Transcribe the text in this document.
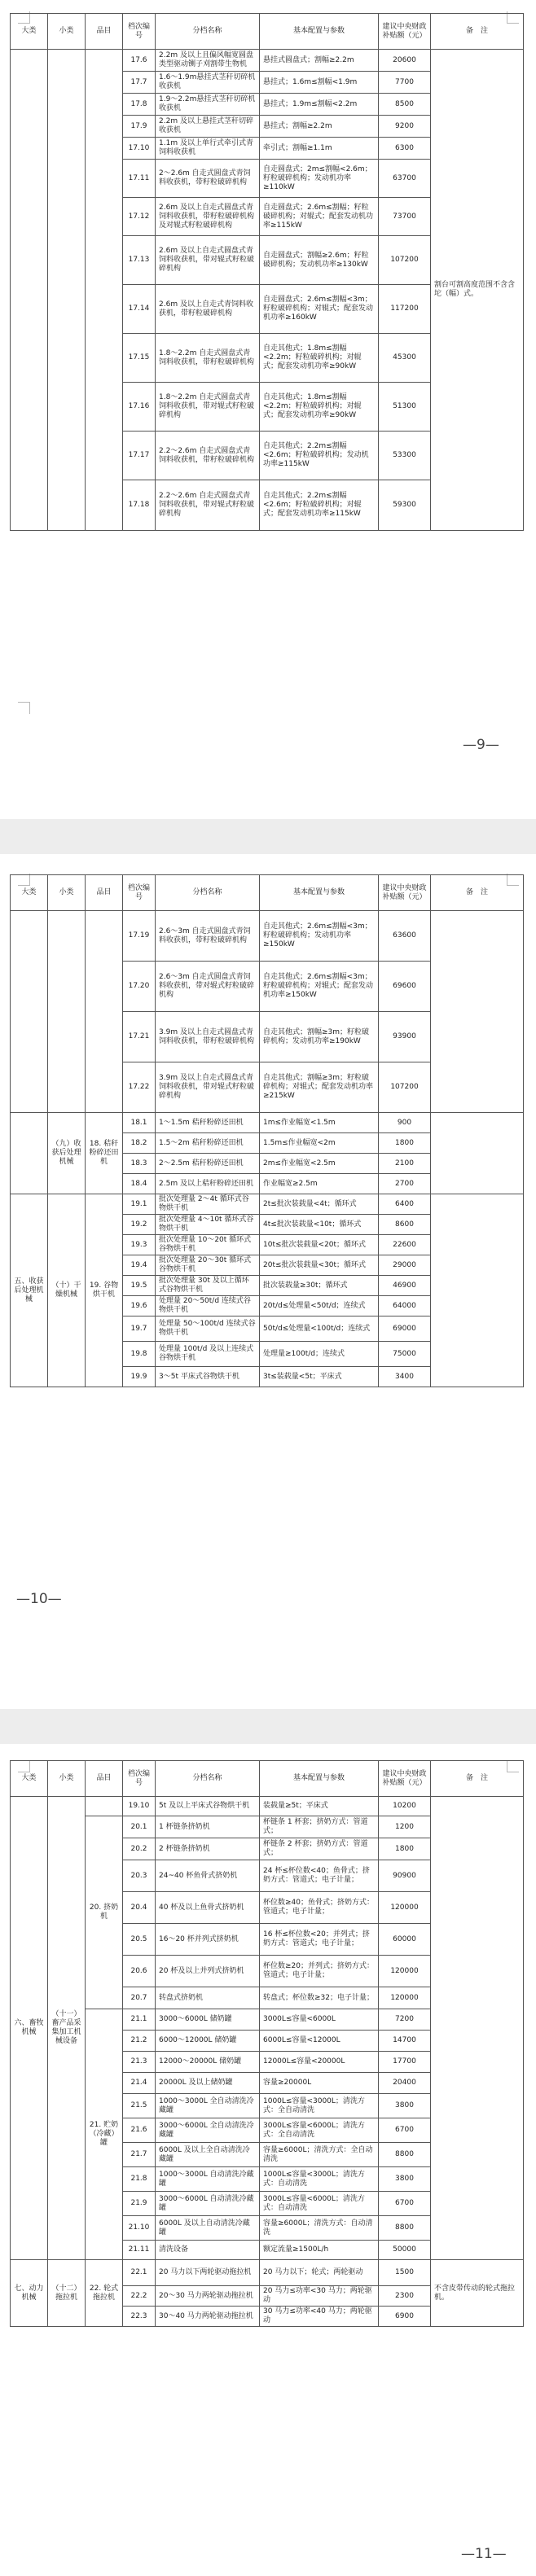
大类	小类	品目	档次编号	分档名称	基本配置与参数	建议中央财政补贴额（元）	备　注
			17.6	2.2m 及以上且偏风幅宽圆盘类型驱动铡子刈割带生物机	悬挂式圆盘式；割幅≥2.2m	20600	割台可割高度范围不含含坨（幅）式。
			17.7	1.6～1.9m悬挂式茎秆切碎机收获机	悬挂式；1.6m≤割幅<1.9m	7700	
			17.8	1.9～2.2m悬挂式茎秆切碎机收获机	悬挂式；1.9m≤割幅<2.2m	8500	
			17.9	2.2m 及以上悬挂式茎秆切碎收获机	悬挂式；割幅≥2.2m	9200	
			17.10	1.1m 及以上单行式牵引式青饲料收获机	牵引式；割幅≥1.1m	6300	
			17.11	2～2.6m 自走式圆盘式青饲料收获机，带籽粒破碎机构	自走圆盘式；2m≤割幅<2.6m；籽粒破碎机构；发动机功率≥110kW	63700	
			17.12	2.6m 及以上自走式圆盘式青饲料收获机，带籽粒破碎机构及对辊式籽粒破碎机构	自走圆盘式；2.6m≤割幅；籽粒破碎机构；对辊式；配套发动机功率≥115kW	73700	
			17.13	2.6m 及以上自走式圆盘式青饲料收获机，带对辊式籽粒破碎机构	自走圆盘式；割幅≥2.6m；籽粒破碎机构；发动机功率≥130kW	107200	
			17.14	2.6m 及以上自走式青饲料收获机，带籽粒破碎机构	自走圆盘式；2.6m≤割幅<3m；籽粒破碎机构；对辊式；配套发动机功率≥160kW	117200	
			17.15	1.8～2.2m 自走式圆盘式青饲料收获机，带籽粒破碎机构	自走其他式；1.8m≤割幅<2.2m；籽粒破碎机构；对辊式；配套发动机功率≥90kW	45300	
			17.16	1.8～2.2m 自走式圆盘式青饲料收获机，带对辊式籽粒破碎机构	自走其他式；1.8m≤割幅<2.2m；籽粒破碎机构；对辊式；配套发动机功率≥90kW	51300	
			17.17	2.2～2.6m 自走式圆盘式青饲料收获机，带籽粒破碎机构	自走其他式；2.2m≤割幅<2.6m；籽粒破碎机构；发动机功率≥115kW	53300	
			17.18	2.2～2.6m 自走式圆盘式青饲料收获机，带对辊式籽粒破碎机构	自走其他式；2.2m≤割幅<2.6m；籽粒破碎机构；对辊式；配套发动机功率≥115kW	59300	
—9—
大类	小类	品目	档次编号	分档名称	基本配置与参数	建议中央财政补贴额（元）	备　注
			17.19	2.6～3m 自走式圆盘式青饲料收获机，带籽粒破碎机构	自走其他式；2.6m≤割幅<3m；籽粒破碎机构；发动机功率≥150kW	63600	
			17.20	2.6～3m 自走式圆盘式青饲料收获机，带对辊式籽粒破碎机构	自走其他式；2.6m≤割幅<3m；籽粒破碎机构；对辊式；配套发动机功率≥150kW	69600	
			17.21	3.9m 及以上自走式圆盘式青饲料收获机，带籽粒破碎机构	自走其他式；割幅≥3m；籽粒破碎机构；发动机功率≥190kW	93900	
			17.22	3.9m 及以上自走式圆盘式青饲料收获机，带对辊式籽粒破碎机构	自走其他式；割幅≥3m；籽粒破碎机构；对辊式；配套发动机功率≥215kW	107200	
	（九）收获后处理机械	18. 秸秆粉碎还田机	18.1	1～1.5m 秸秆粉碎还田机	1m≤作业幅宽<1.5m	900	
			18.2	1.5～2m 秸秆粉碎还田机	1.5m≤作业幅宽<2m	1800	
			18.3	2～2.5m 秸秆粉碎还田机	2m≤作业幅宽<2.5m	2100	
			18.4	2.5m 及以上秸秆粉碎还田机	作业幅宽≥2.5m	2700	
五、收获后处理机械	（十）干燥机械	19. 谷物烘干机	19.1	批次处理量 2～4t 循环式谷物烘干机	2t≤批次装载量<4t；循环式	6400	
			19.2	批次处理量 4～10t 循环式谷物烘干机	4t≤批次装载量<10t；循环式	8600	
			19.3	批次处理量 10～20t 循环式谷物烘干机	10t≤批次装载量<20t；循环式	22600	
			19.4	批次处理量 20～30t 循环式谷物烘干机	20t≤批次装载量<30t；循环式	29000	
			19.5	批次处理量 30t 及以上循环式谷物烘干机	批次装载量≥30t；循环式	46900	
			19.6	处理量 20～50t/d 连续式谷物烘干机	20t/d≤处理量<50t/d；连续式	64000	
			19.7	处理量 50～100t/d 连续式谷物烘干机	50t/d≤处理量<100t/d；连续式	69000	
			19.8	处理量 100t/d 及以上连续式谷物烘干机	处理量≥100t/d；连续式	75000	
			19.9	3～5t 平床式谷物烘干机	3t≤装载量<5t；平床式	3400	
—10—
大类	小类	品目	档次编号	分档名称	基本配置与参数	建议中央财政补贴额（元）	备　注
六、畜牧机械	（十一）畜产品采集加工机械设备		19.10	5t 及以上平床式谷物烘干机	装载量≥5t；平床式	10200	
		20. 挤奶机	20.1	1 杯链条挤奶机	杯链条 1 杯套；挤奶方式：管道式；	1200	
			20.2	2 杯链条挤奶机	杯链条 2 杯套；挤奶方式：管道式；	1800	
			20.3	24~40 杯鱼骨式挤奶机	24 杯≤杯位数<40；鱼骨式；挤奶方式：管道式；电子计量；	90900	
			20.4	40 杯及以上鱼骨式挤奶机	杯位数≥40；鱼骨式；挤奶方式：管道式；电子计量；	120000	
			20.5	16～20 杯并列式挤奶机	16 杯≤杯位数<20；并列式；挤奶方式：管道式；电子计量；	60000	
			20.6	20 杯及以上并列式挤奶机	杯位数≥20；并列式；挤奶方式：管道式；电子计量；	120000	
			20.7	转盘式挤奶机	转盘式；杯位数≥32；电子计量；	120000	
		21. 贮奶（冷藏）罐	21.1	3000～6000L 储奶罐	3000L≤容量<6000L	7200	
			21.2	6000～12000L 储奶罐	6000L≤容量<12000L	14700	
			21.3	12000～20000L 储奶罐	12000L≤容量<20000L	17700	
			21.4	20000L 及以上储奶罐	容量≥20000L	20400	
			21.5	1000～3000L 全自动清洗冷藏罐	1000L≤容量<3000L；清洗方式：全自动清洗	3800	
			21.6	3000～6000L 全自动清洗冷藏罐	3000L≤容量<6000L；清洗方式：全自动清洗	6700	
			21.7	6000L 及以上全自动清洗冷藏罐	容量≥6000L；清洗方式：全自动清洗	8800	
			21.8	1000～3000L 自动清洗冷藏罐	1000L≤容量<3000L；清洗方式：自动清洗	3800	
			21.9	3000～6000L 自动清洗冷藏罐	3000L≤容量<6000L；清洗方式：自动清洗	6700	
			21.10	6000L 及以上自动清洗冷藏罐	容量≥6000L；清洗方式：自动清洗	8800	
			21.11	清洗设备	额定流量≥1500L/h	50000	
七、动力机械	（十二）拖拉机	22. 轮式拖拉机	22.1	20 马力以下两轮驱动拖拉机	20 马力以下；轮式；两轮驱动	1500	不含皮带传动的轮式拖拉机。
			22.2	20～30 马力两轮驱动拖拉机	20 马力≤功率<30 马力；两轮驱动	2300	
			22.3	30～40 马力两轮驱动拖拉机	30 马力≤功率<40 马力；两轮驱动	6900	
—11—
